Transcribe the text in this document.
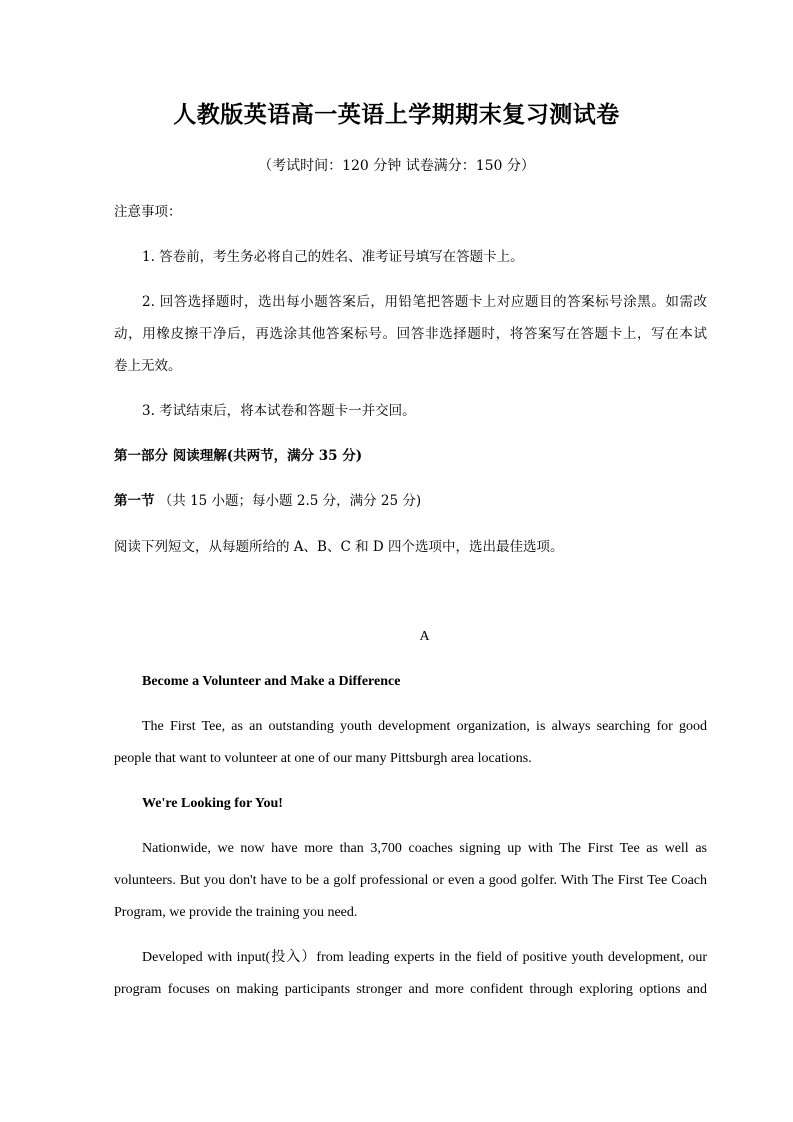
人教版英语高一英语上学期期末复习测试卷
（考试时间：120 分钟 试卷满分：150 分）
注意事项：
1. 答卷前，考生务必将自己的姓名、准考证号填写在答题卡上。
2. 回答选择题时，选出每小题答案后，用铅笔把答题卡上对应题目的答案标号涂黑。如需改
动，用橡皮擦干净后，再选涂其他答案标号。回答非选择题时，将答案写在答题卡上，写在本试
卷上无效。
3. 考试结束后，将本试卷和答题卡一并交回。
第一部分 阅读理解(共两节，满分 35 分)
第一节 （共 15 小题；每小题 2.5 分，满分 25 分)
阅读下列短文，从每题所给的 A、B、C 和 D 四个选项中，选出最佳选项。
A
Become a Volunteer and Make a Difference
The First Tee, as an outstanding youth development organization, is always searching for good
people that want to volunteer at one of our many Pittsburgh area locations.
We're Looking for You!
Nationwide, we now have more than 3,700 coaches signing up with The First Tee as well as
volunteers. But you don't have to be a golf professional or even a good golfer. With The First Tee Coach
Program, we provide the training you need.
Developed with input(投入）from leading experts in the field of positive youth development, our
program focuses on making participants stronger and more confident through exploring options and
